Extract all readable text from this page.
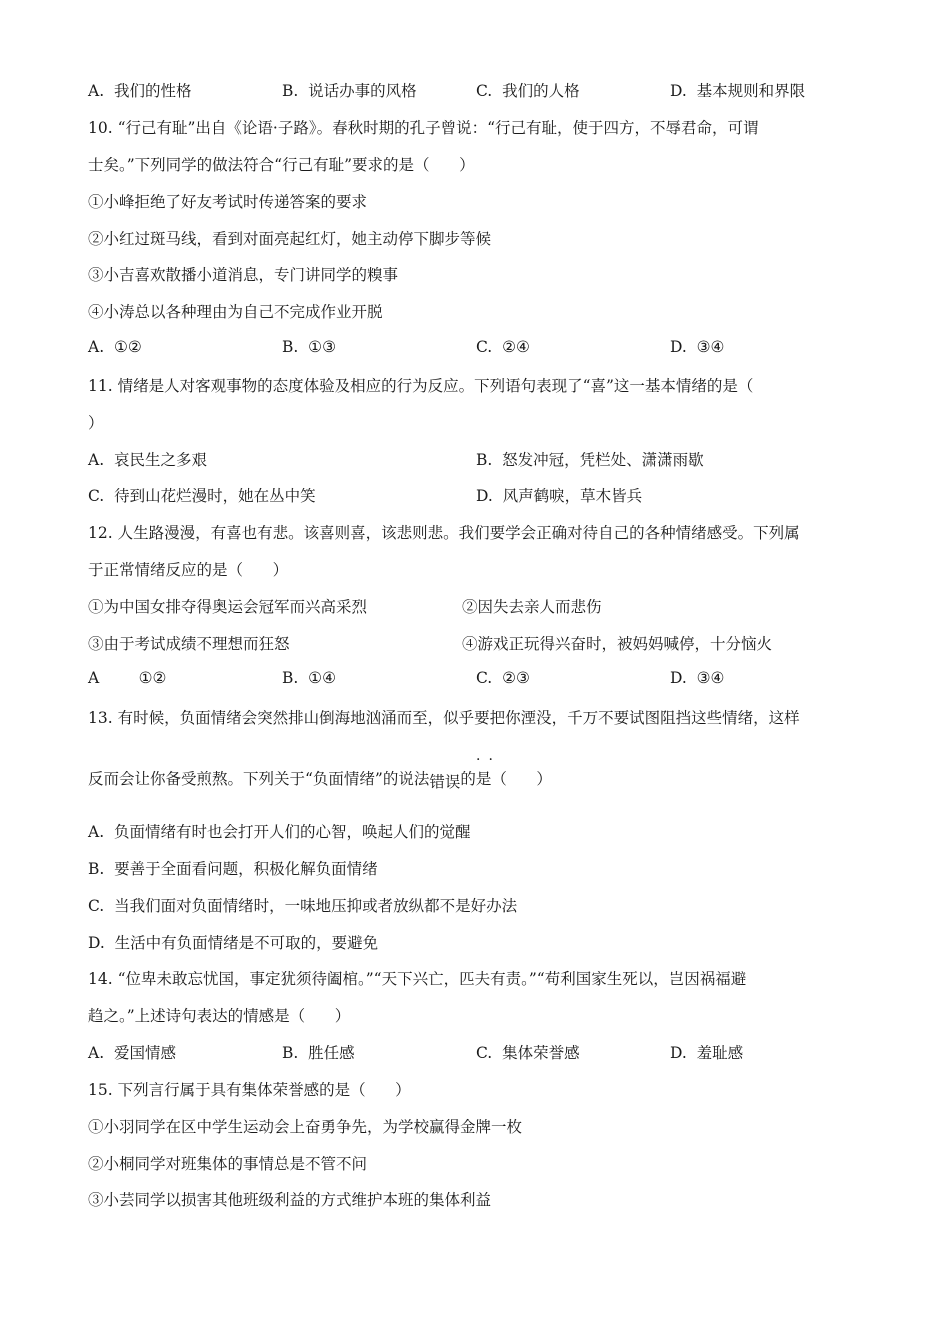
A.  我们的性格	B.  说话办事的风格	C.  我们的人格	D.  基本规则和界限
10. “行己有耻”出自《论语·子路》。春秋时期的孔子曾说：“行己有耻，使于四方，不辱君命，可谓
士矣。”下列同学的做法符合“行己有耻”要求的是（      ）
①小峰拒绝了好友考试时传递答案的要求
②小红过斑马线，看到对面亮起红灯，她主动停下脚步等候
③小吉喜欢散播小道消息，专门讲同学的糗事
④小涛总以各种理由为自己不完成作业开脱
A.  ①②	B.  ①③	C.  ②④	D.  ③④
11. 情绪是人对客观事物的态度体验及相应的行为反应。下列语句表现了“喜”这一基本情绪的是（
）
A.  哀民生之多艰	B.  怒发冲冠，凭栏处、潇潇雨歇
C.  待到山花烂漫时，她在丛中笑	D.  风声鹤唳，草木皆兵
12. 人生路漫漫，有喜也有悲。该喜则喜，该悲则悲。我们要学会正确对待自己的各种情绪感受。下列属
于正常情绪反应的是（      ）
①为中国女排夺得奥运会冠军而兴高采烈	②因失去亲人而悲伤
③由于考试成绩不理想而狂怒	④游戏正玩得兴奋时，被妈妈喊停，十分恼火
A        ①②	B.  ①④	C.  ②③	D.  ③④
13. 有时候，负面情绪会突然排山倒海地汹涌而至，似乎要把你湮没，千万不要试图阻挡这些情绪，这样
··
反而会让你备受煎熬。下列关于“负面情绪”的说法错误的是（      ）
A.  负面情绪有时也会打开人们的心智，唤起人们的觉醒
B.  要善于全面看问题，积极化解负面情绪
C.  当我们面对负面情绪时，一味地压抑或者放纵都不是好办法
D.  生活中有负面情绪是不可取的，要避免
14. “位卑未敢忘忧国，事定犹须待阖棺。”“天下兴亡，匹夫有责。”“苟利国家生死以，岂因祸福避
趋之。”上述诗句表达的情感是（      ）
A.  爱国情感	B.  胜任感	C.  集体荣誉感	D.  羞耻感
15. 下列言行属于具有集体荣誉感的是（      ）
①小羽同学在区中学生运动会上奋勇争先，为学校赢得金牌一枚
②小桐同学对班集体的事情总是不管不问
③小芸同学以损害其他班级利益的方式维护本班的集体利益
